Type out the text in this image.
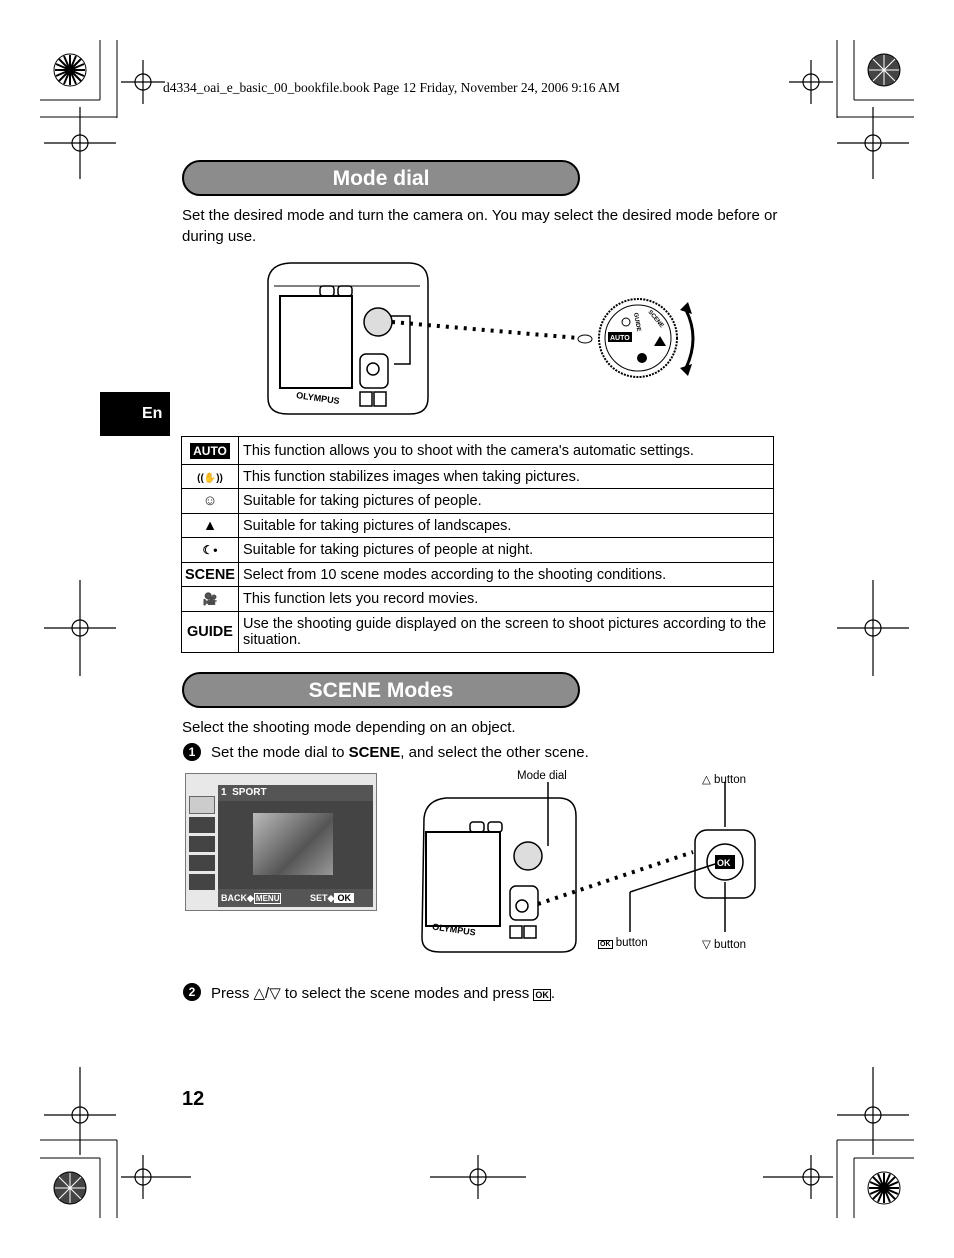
d4334_oai_e_basic_00_bookfile.book Page 12 Friday, November 24, 2006 9:16 AM
Mode dial
Set the desired mode and turn the camera on. You may select the desired mode before or during use.
En
OLYMPUS
AUTO
GUIDE SCENE
AUTO	This function allows you to shoot with the camera's automatic settings.
((✋))	This function stabilizes images when taking pictures.
☺	Suitable for taking pictures of people.
▲	Suitable for taking pictures of landscapes.
☾•	Suitable for taking pictures of people at night.
SCENE	Select from 10 scene modes according to the shooting conditions.
🎥	This function lets you record movies.
GUIDE	Use the shooting guide displayed on the screen to shoot pictures according to the situation.
SCENE Modes
Select the shooting mode depending on an object.
1	Set the mode dial to SCENE, and select the other scene.
1 SPORT
BACK◆ MENU	SET◆ OK
Mode dial	△ button
OK button	▽ button
OLYMPUS
OK
2	Press △/▽ to select the scene modes and press OK .
12
